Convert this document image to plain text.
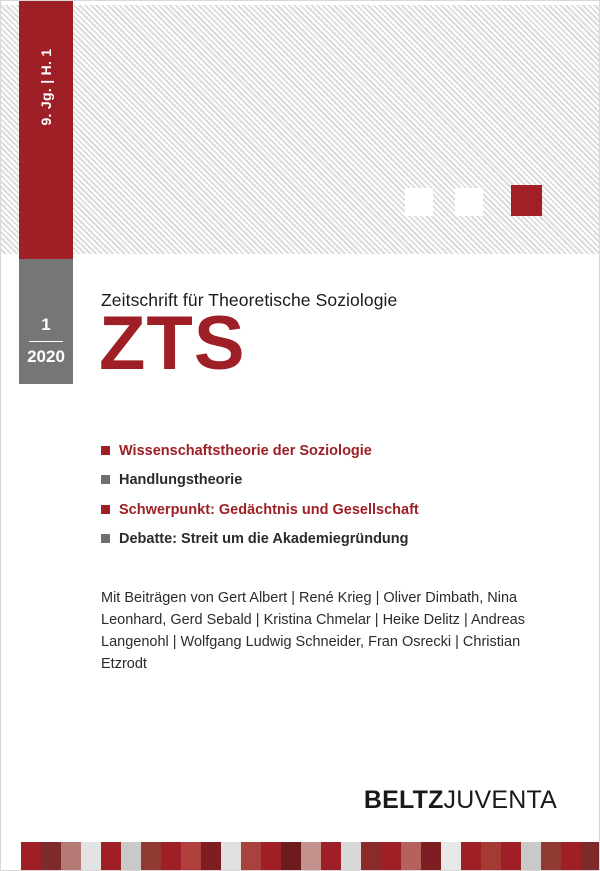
9. Jg. | H. 1
1
2020
Zeitschrift für Theoretische Soziologie
ZTS
Wissenschaftstheorie der Soziologie
Handlungstheorie
Schwerpunkt: Gedächtnis und Gesellschaft
Debatte: Streit um die Akademiegründung
Mit Beiträgen von Gert Albert | René Krieg | Oliver Dimbath, Nina Leonhard, Gerd Sebald | Kristina Chmelar | Heike Delitz | Andreas Langenohl | Wolfgang Ludwig Schneider, Fran Osrecki | Christian Etzrodt
BELTZJUVENTA
